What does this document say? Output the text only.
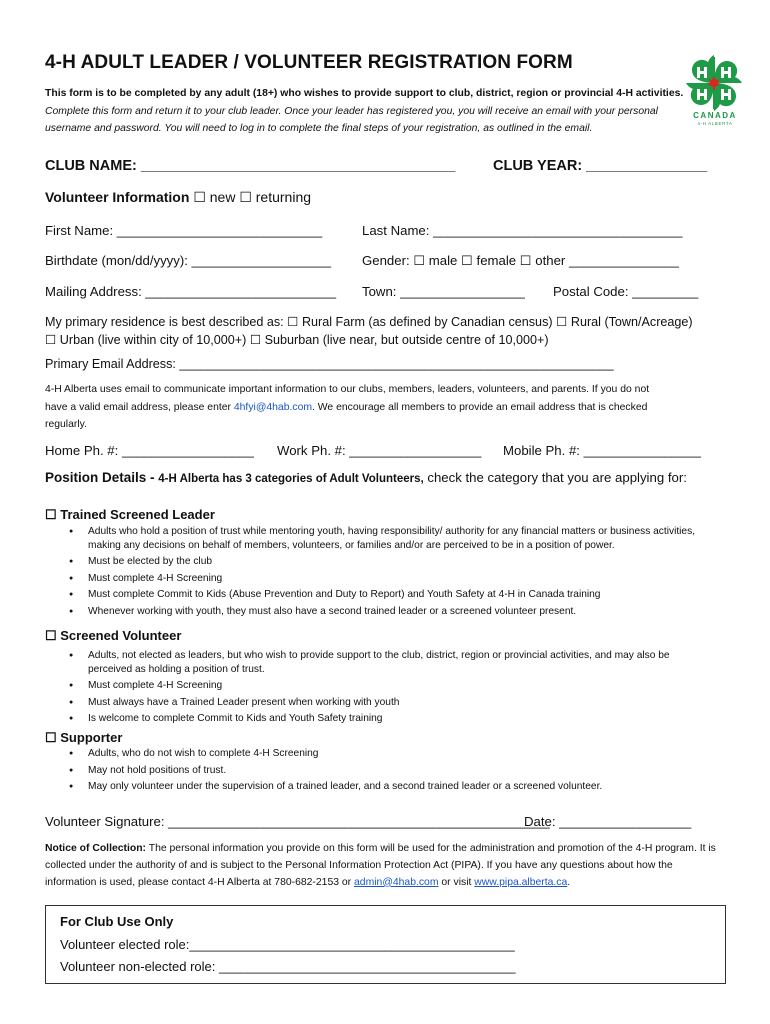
4-H ADULT LEADER / VOLUNTEER REGISTRATION FORM
This form is to be completed by any adult (18+) who wishes to provide support to club, district, region or provincial 4-H activities. Complete this form and return it to your club leader. Once your leader has registered you, you will receive an email with your personal username and password. You will need to log in to complete the final steps of your registration, as outlined in the email.
CANADA
4-H ALBERTA
CLUB NAME: _______________________________________	CLUB YEAR: _______________
Volunteer Information ☐ new ☐ returning
First Name: ____________________________	Last Name: __________________________________
Birthdate (mon/dd/yyyy): ___________________ Gender: ☐ male ☐ female ☐ other _______________
Mailing Address: __________________________ Town: _________________ Postal Code: _________
My primary residence is best described as: ☐ Rural Farm (as defined by Canadian census) ☐ Rural (Town/Acreage)
☐ Urban (live within city of 10,000+) ☐ Suburban (live near, but outside centre of 10,000+)
Primary Email Address: ______________________________________________________________
4-H Alberta uses email to communicate important information to our clubs, members, leaders, volunteers, and parents. If you do not
have a valid email address, please enter 4hfyi@4hab.com. We encourage all members to provide an email address that is checked
regularly.
Home Ph. #: __________________ Work Ph. #: __________________ Mobile Ph. #: ________________
Position Details - 4-H Alberta has 3 categories of Adult Volunteers, check the category that you are applying for:
☐ Trained Screened Leader
● Adults who hold a position of trust while mentoring youth, having responsibility/ authority for any financial matters or business activities, making any decisions on behalf of members, volunteers, or families and/or are perceived to be in a position of power.
● Must be elected by the club
● Must complete 4-H Screening
● Must complete Commit to Kids (Abuse Prevention and Duty to Report) and Youth Safety at 4-H in Canada training
● Whenever working with youth, they must also have a second trained leader or a screened volunteer present.
☐ Screened Volunteer
● Adults, not elected as leaders, but who wish to provide support to the club, district, region or provincial activities, and may also be perceived as holding a position of trust.
● Must complete 4-H Screening
● Must always have a Trained Leader present when working with youth
● Is welcome to complete Commit to Kids and Youth Safety training
☐ Supporter
● Adults, who do not wish to complete 4-H Screening
● May not hold positions of trust.
● May only volunteer under the supervision of a trained leader, and a second trained leader or a screened volunteer.
Volunteer Signature: ____________________________________________________
Date: __________________
Notice of Collection: The personal information you provide on this form will be used for the administration and promotion of the 4-H program. It is collected under the authority of and is subject to the Personal Information Protection Act (PIPA). If you have any questions about how the information is used, please contact 4-H Alberta at 780-682-2153 or admin@4hab.com or visit www.pipa.alberta.ca.
For Club Use Only
Volunteer elected role:_____________________________________________
Volunteer non-elected role: _________________________________________
